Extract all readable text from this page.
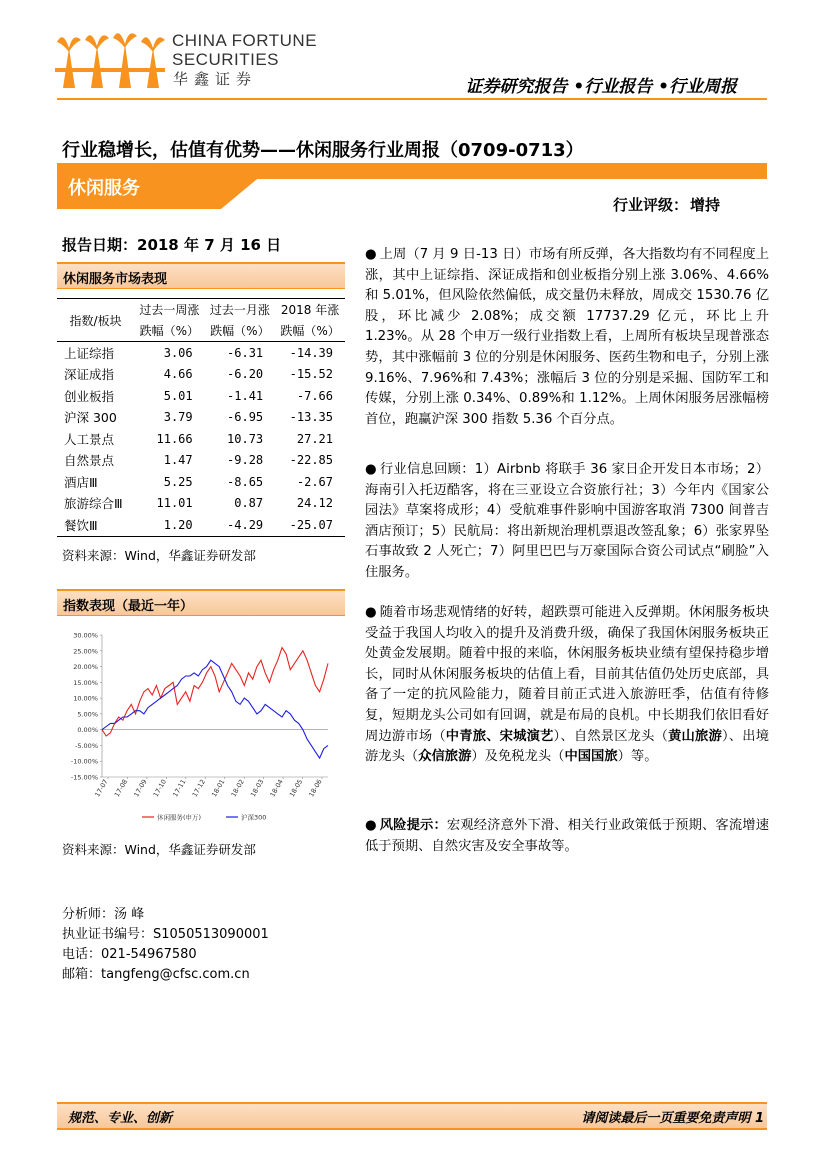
CHINA FORTUNE
SECURITIES
华鑫证券	证券研究报告 •行业报告 •行业周报
行业稳增长，估值有优势——休闲服务行业周报（0709-0713）
休闲服务
行业评级： 增持
报告日期：2018 年 7 月 16 日
休闲服务市场表现
指数/板块	过去一周涨	过去一月涨	2018 年涨
	跌幅（%）	跌幅（%）	跌幅（%）
上证综指	3.06	-6.31	-14.39
深证成指	4.66	-6.20	-15.52
创业板指	5.01	-1.41	-7.66
沪深 300	3.79	-6.95	-13.35
人工景点	11.66	10.73	27.21
自然景点	1.47	-9.28	-22.85
酒店Ⅲ	5.25	-8.65	-2.67
旅游综合Ⅲ	11.01	0.87	24.12
餐饮Ⅲ	1.20	-4.29	-25.07
资料来源：Wind，华鑫证券研发部
指数表现（最近一年）
30.00%
25.00%
20.00%
15.00%
10.00%
5.00%
0.00%
-5.00%
-10.00%
-15.00%
17-07 17-08 17-09 17-10 17-11 17-12 18-01 18-02 18-03 18-04 18-05 18-06
休闲服务(申万)	沪深300
资料来源：Wind，华鑫证券研发部
分析师：汤 峰
执业证书编号：S1050513090001
电话：021-54967580
邮箱：tangfeng@cfsc.com.cn

● 上周（7 月 9 日-13 日）市场有所反弹，各大指数均有不同程度上涨，其中上证综指、深证成指和创业板指分别上涨 3.06%、4.66%和 5.01%，但风险依然偏低，成交量仍未释放，周成交 1530.76 亿股，环比减少 2.08%；成交额 17737.29 亿元，环比上升 1.23%。从 28 个申万一级行业指数上看，上周所有板块呈现普涨态势，其中涨幅前 3 位的分别是休闲服务、医药生物和电子，分别上涨 9.16%、7.96%和 7.43%；涨幅后 3 位的分别是采掘、国防军工和传媒，分别上涨 0.34%、0.89%和 1.12%。上周休闲服务居涨幅榜首位，跑赢沪深 300 指数 5.36 个百分点。

● 行业信息回顾：1）Airbnb 将联手 36 家日企开发日本市场；2）海南引入托迈酷客，将在三亚设立合资旅行社；3）今年内《国家公园法》草案将成形；4）受航难事件影响中国游客取消 7300 间普吉酒店预订；5）民航局：将出新规治理机票退改签乱象；6）张家界坠石事故致 2 人死亡；7）阿里巴巴与万豪国际合资公司试点“刷脸”入住服务。

● 随着市场悲观情绪的好转，超跌票可能进入反弹期。休闲服务板块受益于我国人均收入的提升及消费升级，确保了我国休闲服务板块正处黄金发展期。随着中报的来临，休闲服务板块业绩有望保持稳步增长，同时从休闲服务板块的估值上看，目前其估值仍处历史底部，具备了一定的抗风险能力，随着目前正式进入旅游旺季，估值有待修复，短期龙头公司如有回调，就是布局的良机。中长期我们依旧看好周边游市场（中青旅、宋城演艺）、自然景区龙头（黄山旅游）、出境游龙头（众信旅游）及免税龙头（中国国旅）等。

● 风险提示：宏观经济意外下滑、相关行业政策低于预期、客流增速低于预期、自然灾害及安全事故等。

规范、专业、创新	请阅读最后一页重要免责声明 1
